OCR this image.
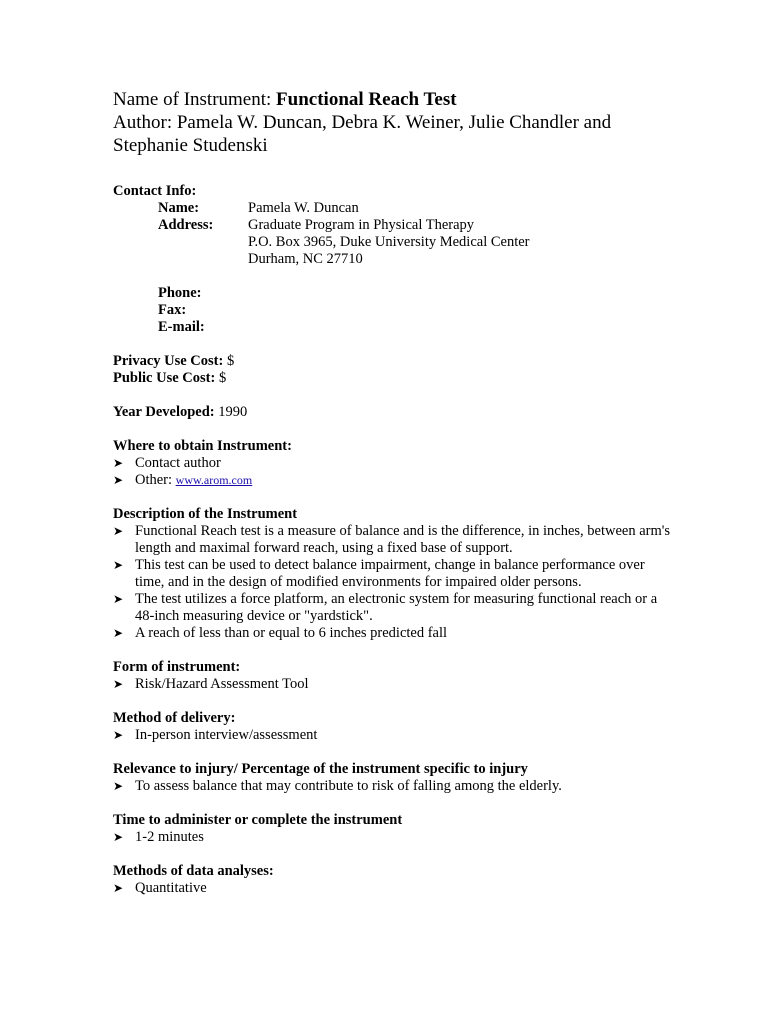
Name of Instrument: Functional Reach Test

Author: Pamela W. Duncan, Debra K. Weiner, Julie Chandler and

Stephanie Studenski

Contact Info:

Name:	Pamela W. Duncan
Address:	Graduate Program in Physical Therapy
P.O. Box 3965, Duke University Medical Center
Durham, NC 27710

Phone:
Fax:
E-mail:

Privacy Use Cost: $

Public Use Cost: $

Year Developed: 1990

Where to obtain Instrument:

➤ Contact author
➤ Other: www.arom.com

Description of the Instrument

➤ Functional Reach test is a measure of balance and is the difference, in inches, between arm's length and maximal forward reach, using a fixed base of support.
➤ This test can be used to detect balance impairment, change in balance performance over time, and in the design of modified environments for impaired older persons.
➤ The test utilizes a force platform, an electronic system for measuring functional reach or a 48-inch measuring device or "yardstick".
➤ A reach of less than or equal to 6 inches predicted fall

Form of instrument:

➤ Risk/Hazard Assessment Tool

Method of delivery:

➤ In-person interview/assessment

Relevance to injury/ Percentage of the instrument specific to injury

➤ To assess balance that may contribute to risk of falling among the elderly.

Time to administer or complete the instrument

➤ 1-2 minutes

Methods of data analyses:

➤ Quantitative
